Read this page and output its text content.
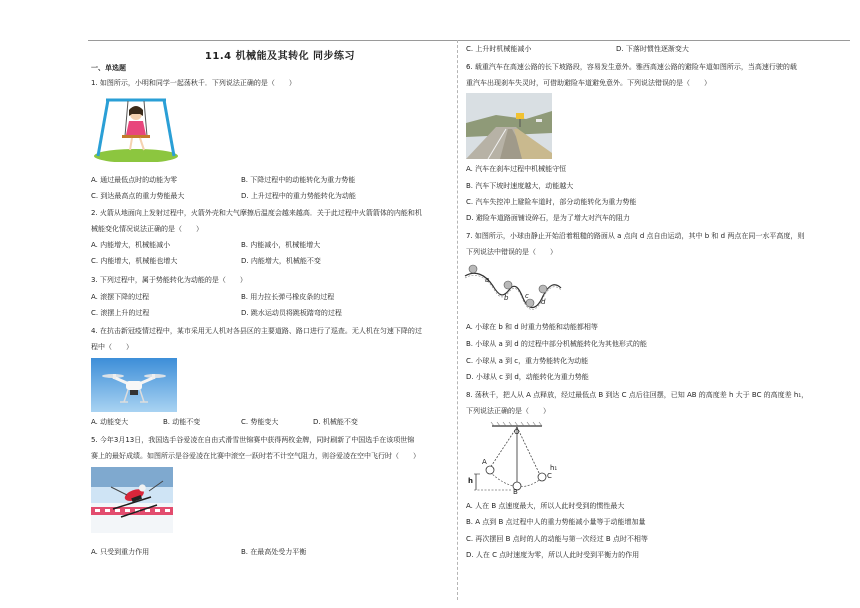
11.4 机械能及其转化 同步练习
一、单选题
1. 如图所示，小明和同学一起荡秋千．下列说法正确的是（　　）
A. 通过最低点时的动能为零	B. 下降过程中的动能转化为重力势能
C. 到达最高点的重力势能最大	D. 上升过程中的重力势能转化为动能
2. 火箭从地面向上发射过程中，火箭外壳和大气摩擦后温度会越来越高．关于此过程中火箭箭体的内能和机
械能变化情况说法正确的是（　　）
A. 内能增大，机械能减小	B. 内能减小，机械能增大
C. 内能增大，机械能也增大	D. 内能增大，机械能不变
3. 下列过程中，属于势能转化为动能的是（　　）
A. 滚摆下降的过程	B. 用力拉长弹弓橡皮条的过程
C. 滚摆上升的过程	D. 跳水运动员将跳板踏弯的过程
4. 在抗击新冠疫情过程中，某市采用无人机对各县区的主要道路、路口进行了巡查。无人机在匀速下降的过
程中（　　）
A. 动能变大	B. 动能不变	C. 势能变大	D. 机械能不变
5. 今年3月13日，我国选手谷爱凌在自由式滑雪世锦赛中获得两枚金牌，同时刷新了中国选手在该项世锦
赛上的最好成绩。如图所示是谷爱凌在比赛中滚空一跃时若不计空气阻力，则谷爱凌在空中飞行时（　　）
A. 只受到重力作用	B. 在最高处受力平衡
C. 上升时机械能减小	D. 下落时惯性逐渐变大
6. 载重汽车在高速公路的长下坡路段，容易发生意外。雅西高速公路的避险车道如图所示，当高速行驶的载
重汽车出现刹车失灵时，可借助避险车道避免意外。下列说法错误的是（　　）
A. 汽车在刹车过程中机械能守恒
B. 汽车下坡时速度越大，动能越大
C. 汽车失控冲上避险车道时，部分动能转化为重力势能
D. 避险车道路面铺设碎石，是为了增大对汽车的阻力
7. 如图所示，小球由静止开始沿着粗糙的路面从 a 点向 d 点自由运动，其中 b 和 d 两点在同一水平高度，则
下列说法中错误的是（　　）
a
b c
d
A. 小球在 b 和 d 时重力势能和动能都相等
B. 小球从 a 到 d 的过程中部分机械能转化为其他形式的能
C. 小球从 a 到 c，重力势能转化为动能
D. 小球从 c 到 d，动能转化为重力势能
8. 荡秋千，把人从 A 点释放，经过最低点 B 到达 C 点后往回摆，已知 AB 的高度差 h 大于 BC 的高度差 h₁，
下列说法正确的是（　　）
O
A
B
C
h
h₁
A. 人在 B 点速度最大，所以人此时受到的惯性最大
B. A 点到 B 点过程中人的重力势能减小量等于动能增加量
C. 再次摆回 B 点时的人的动能与第一次经过 B 点时不相等
D. 人在 C 点时速度为零，所以人此时受到平衡力的作用
